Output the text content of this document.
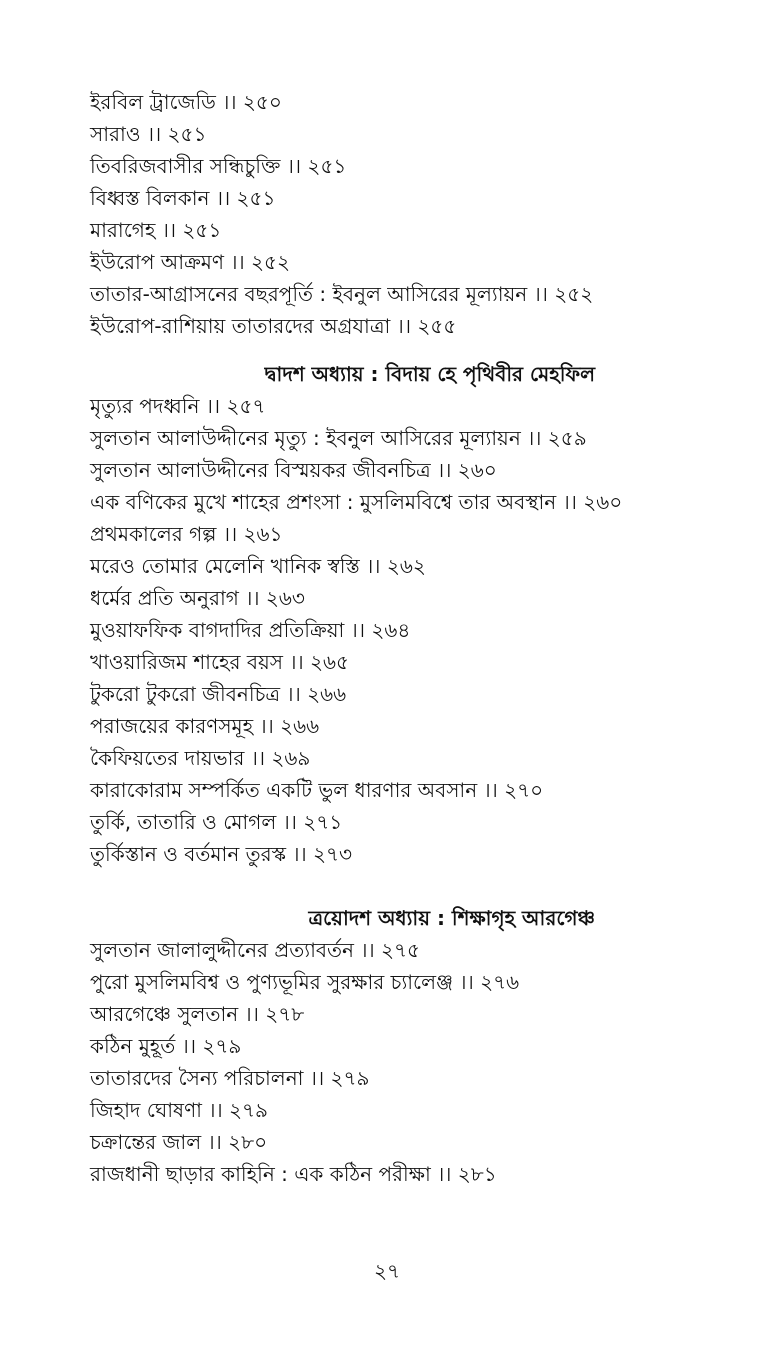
ইরবিল ট্রাজেডি ।। ২৫০
সারাও ।। ২৫১
তিবরিজবাসীর সন্ধিচুক্তি ।। ২৫১
বিধ্বস্ত বিলকান ।। ২৫১
মারাগেহ ।। ২৫১
ইউরোপ আক্রমণ ।। ২৫২
তাতার-আগ্রাসনের বছরপূর্তি : ইবনুল আসিরের মূল্যায়ন ।। ২৫২
ইউরোপ-রাশিয়ায় তাতারদের অগ্রযাত্রা ।। ২৫৫
দ্বাদশ অধ্যায় : বিদায় হে পৃথিবীর মেহফিল
মৃত্যুর পদধ্বনি ।। ২৫৭
সুলতান আলাউদ্দীনের মৃত্যু : ইবনুল আসিরের মূল্যায়ন ।। ২৫৯
সুলতান আলাউদ্দীনের বিস্ময়কর জীবনচিত্র ।। ২৬০
এক বণিকের মুখে শাহের প্রশংসা : মুসলিমবিশ্বে তার অবস্থান ।। ২৬০
প্রথমকালের গল্প ।। ২৬১
মরেও তোমার মেলেনি খানিক স্বস্তি ।। ২৬২
ধর্মের প্রতি অনুরাগ ।। ২৬৩
মুওয়াফফিক বাগদাদির প্রতিক্রিয়া ।। ২৬৪
খাওয়ারিজম শাহের বয়স ।। ২৬৫
টুকরো টুকরো জীবনচিত্র ।। ২৬৬
পরাজয়ের কারণসমূহ ।। ২৬৬
কৈফিয়তের দায়ভার ।। ২৬৯
কারাকোরাম সম্পর্কিত একটি ভুল ধারণার অবসান ।। ২৭০
তুর্কি, তাতারি ও মোগল ।। ২৭১
তুর্কিস্তান ও বর্তমান তুরস্ক ।। ২৭৩
ত্রয়োদশ অধ্যায় : শিক্ষাগৃহ আরগেঞ্চ
সুলতান জালালুদ্দীনের প্রত্যাবর্তন ।। ২৭৫
পুরো মুসলিমবিশ্ব ও পুণ্যভূমির সুরক্ষার চ্যালেঞ্জ ।। ২৭৬
আরগেঞ্চে সুলতান ।। ২৭৮
কঠিন মুহূর্ত ।। ২৭৯
তাতারদের সৈন্য পরিচালনা ।। ২৭৯
জিহাদ ঘোষণা ।। ২৭৯
চক্রান্তের জাল ।। ২৮০
রাজধানী ছাড়ার কাহিনি : এক কঠিন পরীক্ষা ।। ২৮১
২৭
